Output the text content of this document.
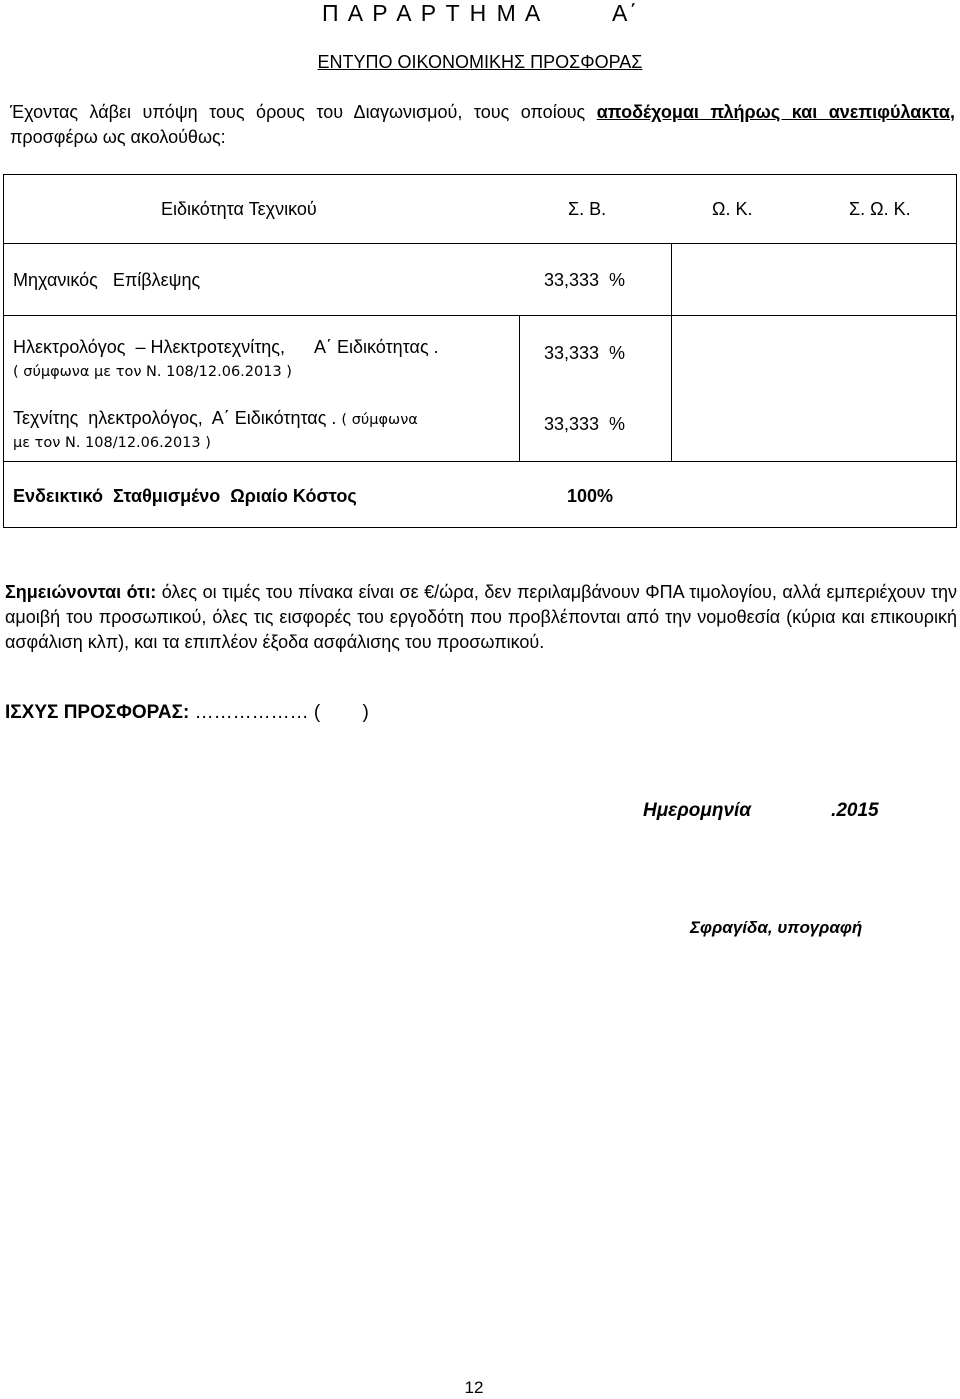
Π Α Ρ Α Ρ Τ Η Μ Α	Α΄
ΕΝΤΥΠΟ ΟΙΚΟΝΟΜΙΚΗΣ ΠΡΟΣΦΟΡΑΣ
Έχοντας λάβει υπόψη τους όρους του Διαγωνισμού, τους οποίους αποδέχομαι πλήρως και ανεπιφύλακτα, προσφέρω ως ακολούθως:
Ειδικότητα Τεχνικού	Σ. Β.	Ω. Κ.	Σ. Ω. Κ.
Μηχανικός   Επίβλεψης	33,333  %
Ηλεκτρολόγος  – Ηλεκτροτεχνίτης,      Α΄ Ειδικότητας .
( σύμφωνα με τον Ν. 108/12.06.2013 )
33,333  %
Τεχνίτης  ηλεκτρολόγος,  Α΄ Ειδικότητας . ( σύμφωνα
με τον Ν. 108/12.06.2013 )
33,333  %
Ενδεικτικό  Σταθμισμένο  Ωριαίο Κόστος	100%
Σημειώνονται ότι: όλες οι τιμές του πίνακα είναι σε €/ώρα, δεν περιλαμβάνουν ΦΠΑ τιμολογίου, αλλά εμπεριέχουν την αμοιβή του προσωπικού, όλες τις εισφορές του εργοδότη που προβλέπονται από την νομοθεσία (κύρια και επικουρική ασφάλιση κλπ), και τα επιπλέον έξοδα ασφάλισης του προσωπικού.
ΙΣΧΥΣ ΠΡΟΣΦΟΡΑΣ: ……………… (        )
Ημερομηνία	.2015
Σφραγίδα, υπογραφή
12
